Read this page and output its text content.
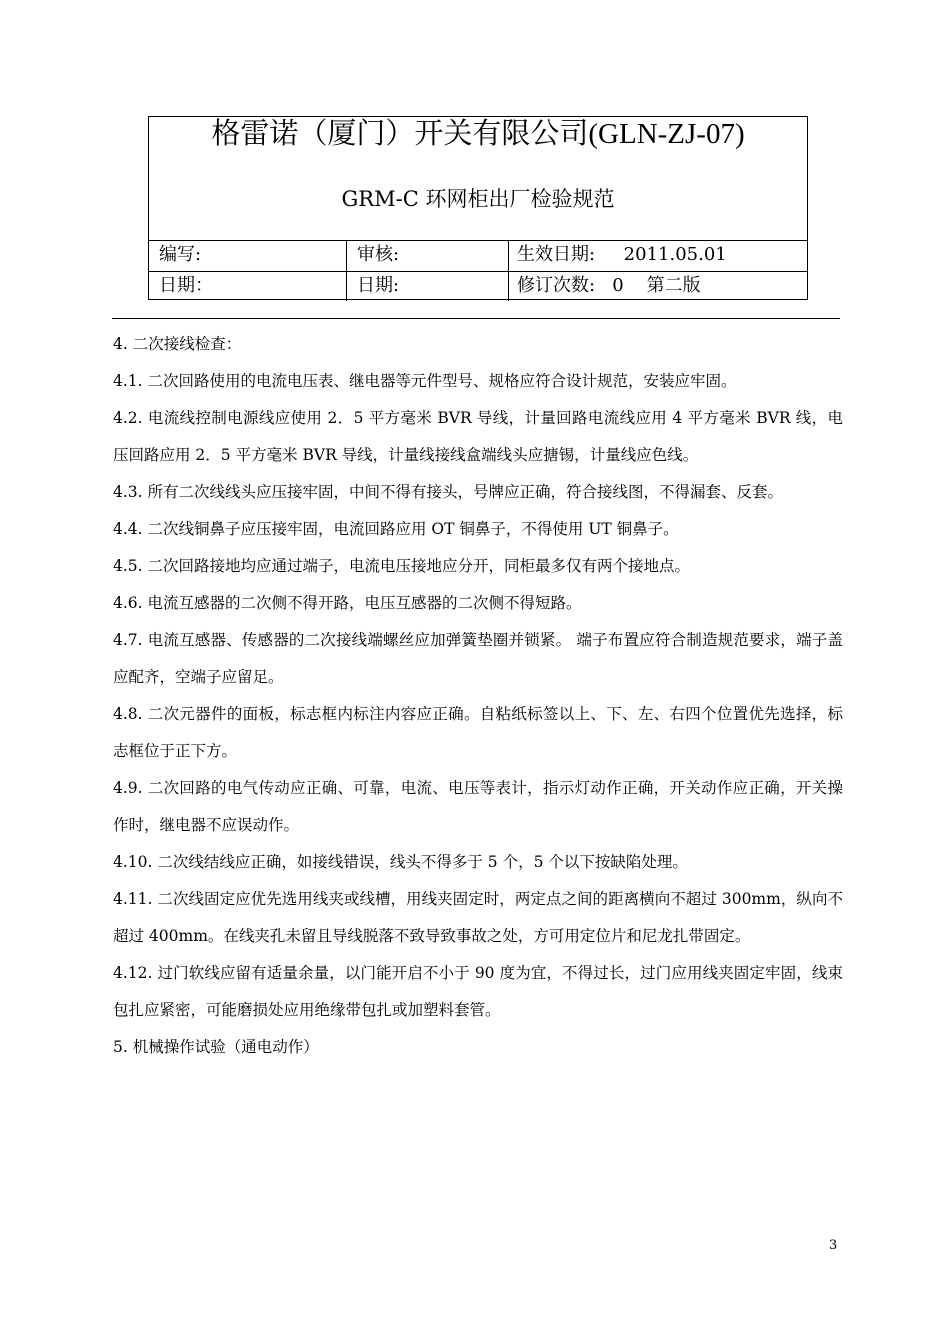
格雷诺（厦门）开关有限公司(GLN-ZJ-07)
GRM-C 环网柜出厂检验规范
编写:	审核:	生效日期:     2011.05.01
日期：	日期:	修订次数:   0    第二版

4. 二次接线检查：

4.1. 二次回路使用的电流电压表、继电器等元件型号、规格应符合设计规范，安装应牢固。

4.2. 电流线控制电源线应使用 2．5 平方毫米 BVR 导线，计量回路电流线应用 4 平方毫米 BVR 线，电压回路应用 2．5 平方毫米 BVR 导线，计量线接线盒端线头应搪锡，计量线应色线。

4.3. 所有二次线线头应压接牢固，中间不得有接头，号牌应正确，符合接线图，不得漏套、反套。

4.4. 二次线铜鼻子应压接牢固，电流回路应用 OT 铜鼻子，不得使用 UT 铜鼻子。

4.5. 二次回路接地均应通过端子，电流电压接地应分开，同柜最多仅有两个接地点。

4.6. 电流互感器的二次侧不得开路，电压互感器的二次侧不得短路。

4.7. 电流互感器、传感器的二次接线端螺丝应加弹簧垫圈并锁紧。 端子布置应符合制造规范要求，端子盖应配齐，空端子应留足。

4.8. 二次元器件的面板，标志框内标注内容应正确。自粘纸标签以上、下、左、右四个位置优先选择，标志框位于正下方。

4.9. 二次回路的电气传动应正确、可靠，电流、电压等表计，指示灯动作正确，开关动作应正确，开关操作时，继电器不应误动作。

4.10. 二次线结线应正确，如接线错误，线头不得多于 5 个，5 个以下按缺陷处理。

4.11. 二次线固定应优先选用线夹或线槽，用线夹固定时，两定点之间的距离横向不超过 300mm，纵向不超过 400mm。在线夹孔未留且导线脱落不致导致事故之处，方可用定位片和尼龙扎带固定。

4.12. 过门软线应留有适量余量，以门能开启不小于 90 度为宜，不得过长，过门应用线夹固定牢固，线束包扎应紧密，可能磨损处应用绝缘带包扎或加塑料套管。

5. 机械操作试验（通电动作）

3
